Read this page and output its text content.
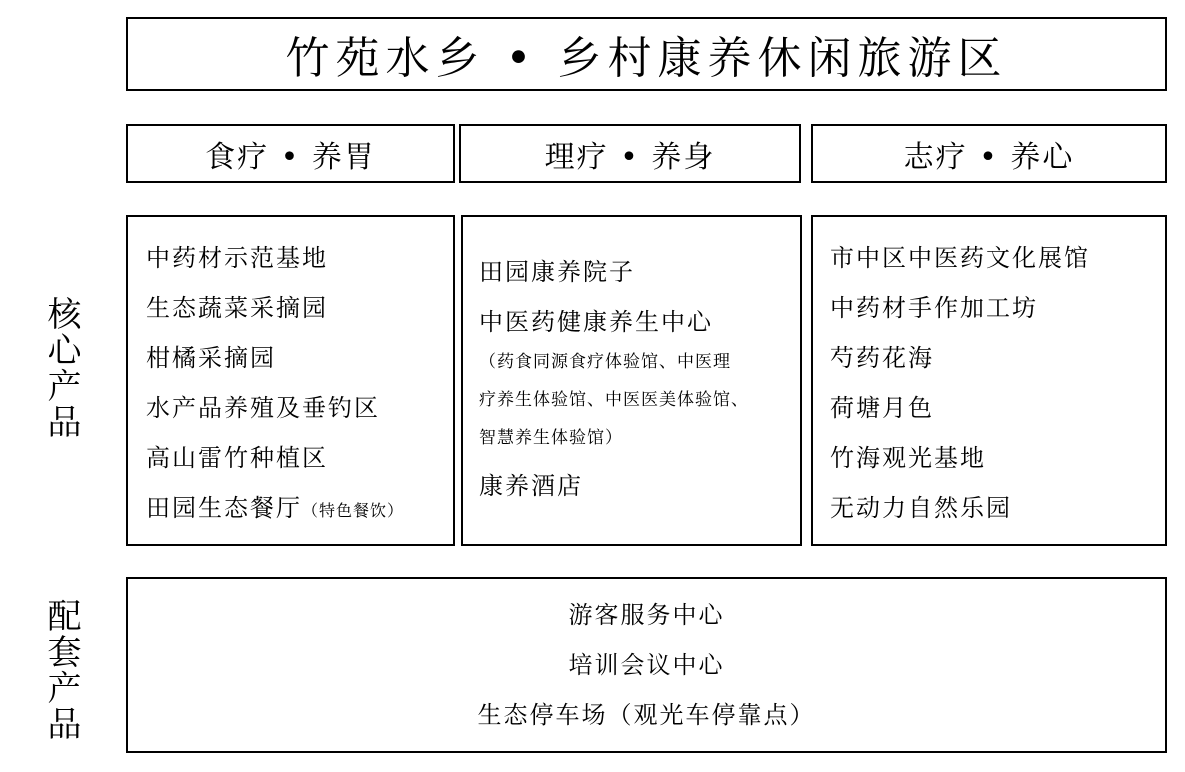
竹苑水乡 • 乡村康养休闲旅游区
食疗 • 养胃	理疗 • 养身	志疗 • 养心
核心产品
配套产品
中药材示范基地
生态蔬菜采摘园
柑橘采摘园
水产品养殖及垂钓区
高山雷竹种植区
田园生态餐厅（特色餐饮）
田园康养院子
中医药健康养生中心
（药食同源食疗体验馆、中医理
疗养生体验馆、中医医美体验馆、
智慧养生体验馆）
康养酒店
市中区中医药文化展馆
中药材手作加工坊
芍药花海
荷塘月色
竹海观光基地
无动力自然乐园
游客服务中心
培训会议中心
生态停车场（观光车停靠点）
